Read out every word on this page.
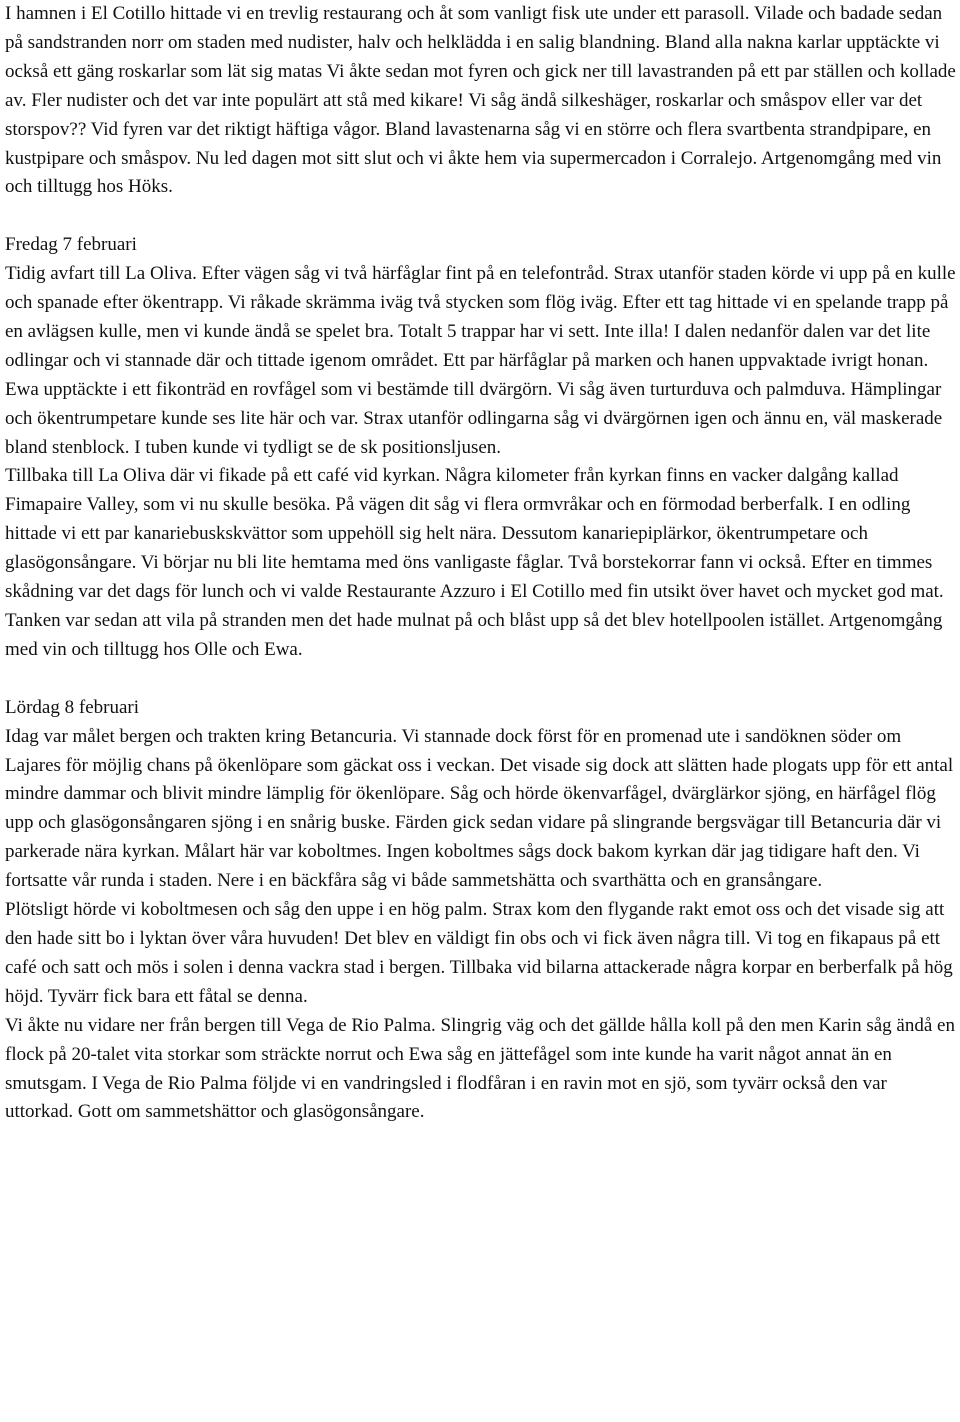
I hamnen i El Cotillo hittade vi en trevlig restaurang och åt som vanligt fisk ute under ett parasoll. Vilade och badade sedan på sandstranden norr om staden med nudister, halv och helklädda i en salig blandning. Bland alla nakna karlar upptäckte vi också ett gäng roskarlar som lät sig matas Vi åkte sedan mot fyren och gick ner till lavastranden på ett par ställen och kollade av. Fler nudister och det var inte populärt att stå med kikare! Vi såg ändå silkeshäger, roskarlar och småspov eller var det storspov?? Vid fyren var det riktigt häftiga vågor. Bland lavastenarna såg vi en större och flera svartbenta strandpipare, en kustpipare och småspov. Nu led dagen mot sitt slut och vi åkte hem via supermercadon i Corralejo. Artgenomgång med vin och tilltugg hos Höks.

Fredag 7 februari

Tidig avfart till La Oliva. Efter vägen såg vi två härfåglar fint på en telefontråd. Strax utanför staden körde vi upp på en kulle och spanade efter ökentrapp. Vi råkade skrämma iväg två stycken som flög iväg. Efter ett tag hittade vi en spelande trapp på en avlägsen kulle, men vi kunde ändå se spelet bra. Totalt 5 trappar har vi sett. Inte illa! I dalen nedanför dalen var det lite odlingar och vi stannade där och tittade igenom området. Ett par härfåglar på marken och hanen uppvaktade ivrigt honan. Ewa upptäckte i ett fikonträd en rovfågel som vi bestämde till dvärgörn. Vi såg även turturduva och palmduva. Hämplingar och ökentrumpetare kunde ses lite här och var. Strax utanför odlingarna såg vi dvärgörnen igen och ännu en, väl maskerade bland stenblock. I tuben kunde vi tydligt se de sk positionsljusen.

Tillbaka till La Oliva där vi fikade på ett café vid kyrkan. Några kilometer från kyrkan finns en vacker dalgång kallad Fimapaire Valley, som vi nu skulle besöka. På vägen dit såg vi flera ormvråkar och en förmodad berberfalk. I en odling hittade vi ett par kanariebuskskvättor som uppehöll sig helt nära. Dessutom kanariepiplärkor, ökentrumpetare och glasögonsångare. Vi börjar nu bli lite hemtama med öns vanligaste fåglar. Två borstekorrar fann vi också. Efter en timmes skådning var det dags för lunch och vi valde Restaurante Azzuro i El Cotillo med fin utsikt över havet och mycket god mat. Tanken var sedan att vila på stranden men det hade mulnat på och blåst upp så det blev hotellpoolen istället. Artgenomgång med vin och tilltugg hos Olle och Ewa.

Lördag 8 februari

Idag var målet bergen och trakten kring Betancuria. Vi stannade dock först för en promenad ute i sandöknen söder om Lajares för möjlig chans på ökenlöpare som gäckat oss i veckan. Det visade sig dock att slätten hade plogats upp för ett antal mindre dammar och blivit mindre lämplig för ökenlöpare. Såg och hörde ökenvarfågel, dvärglärkor sjöng, en härfågel flög upp och glasögonsångaren sjöng i en snårig buske. Färden gick sedan vidare på slingrande bergsvägar till Betancuria där vi parkerade nära kyrkan. Målart här var koboltmes. Ingen koboltmes sågs dock bakom kyrkan där jag tidigare haft den. Vi fortsatte vår runda i staden. Nere i en bäckfåra såg vi både sammetshätta och svarthätta och en gransångare.

Plötsligt hörde vi koboltmesen och såg den uppe i en hög palm. Strax kom den flygande rakt emot oss och det visade sig att den hade sitt bo i lyktan över våra huvuden! Det blev en väldigt fin obs och vi fick även några till. Vi tog en fikapaus på ett café och satt och mös i solen i denna vackra stad i bergen. Tillbaka vid bilarna attackerade några korpar en berberfalk på hög höjd. Tyvärr fick bara ett fåtal se denna.

Vi åkte nu vidare ner från bergen till Vega de Rio Palma. Slingrig väg och det gällde hålla koll på den men Karin såg ändå en flock på 20-talet vita storkar som sträckte norrut och Ewa såg en jättefågel som inte kunde ha varit något annat än en smutsgam. I Vega de Rio Palma följde vi en vandringsled i flodfåran i en ravin mot en sjö, som tyvärr också den var uttorkad. Gott om sammetshättor och glasögonsångare.
